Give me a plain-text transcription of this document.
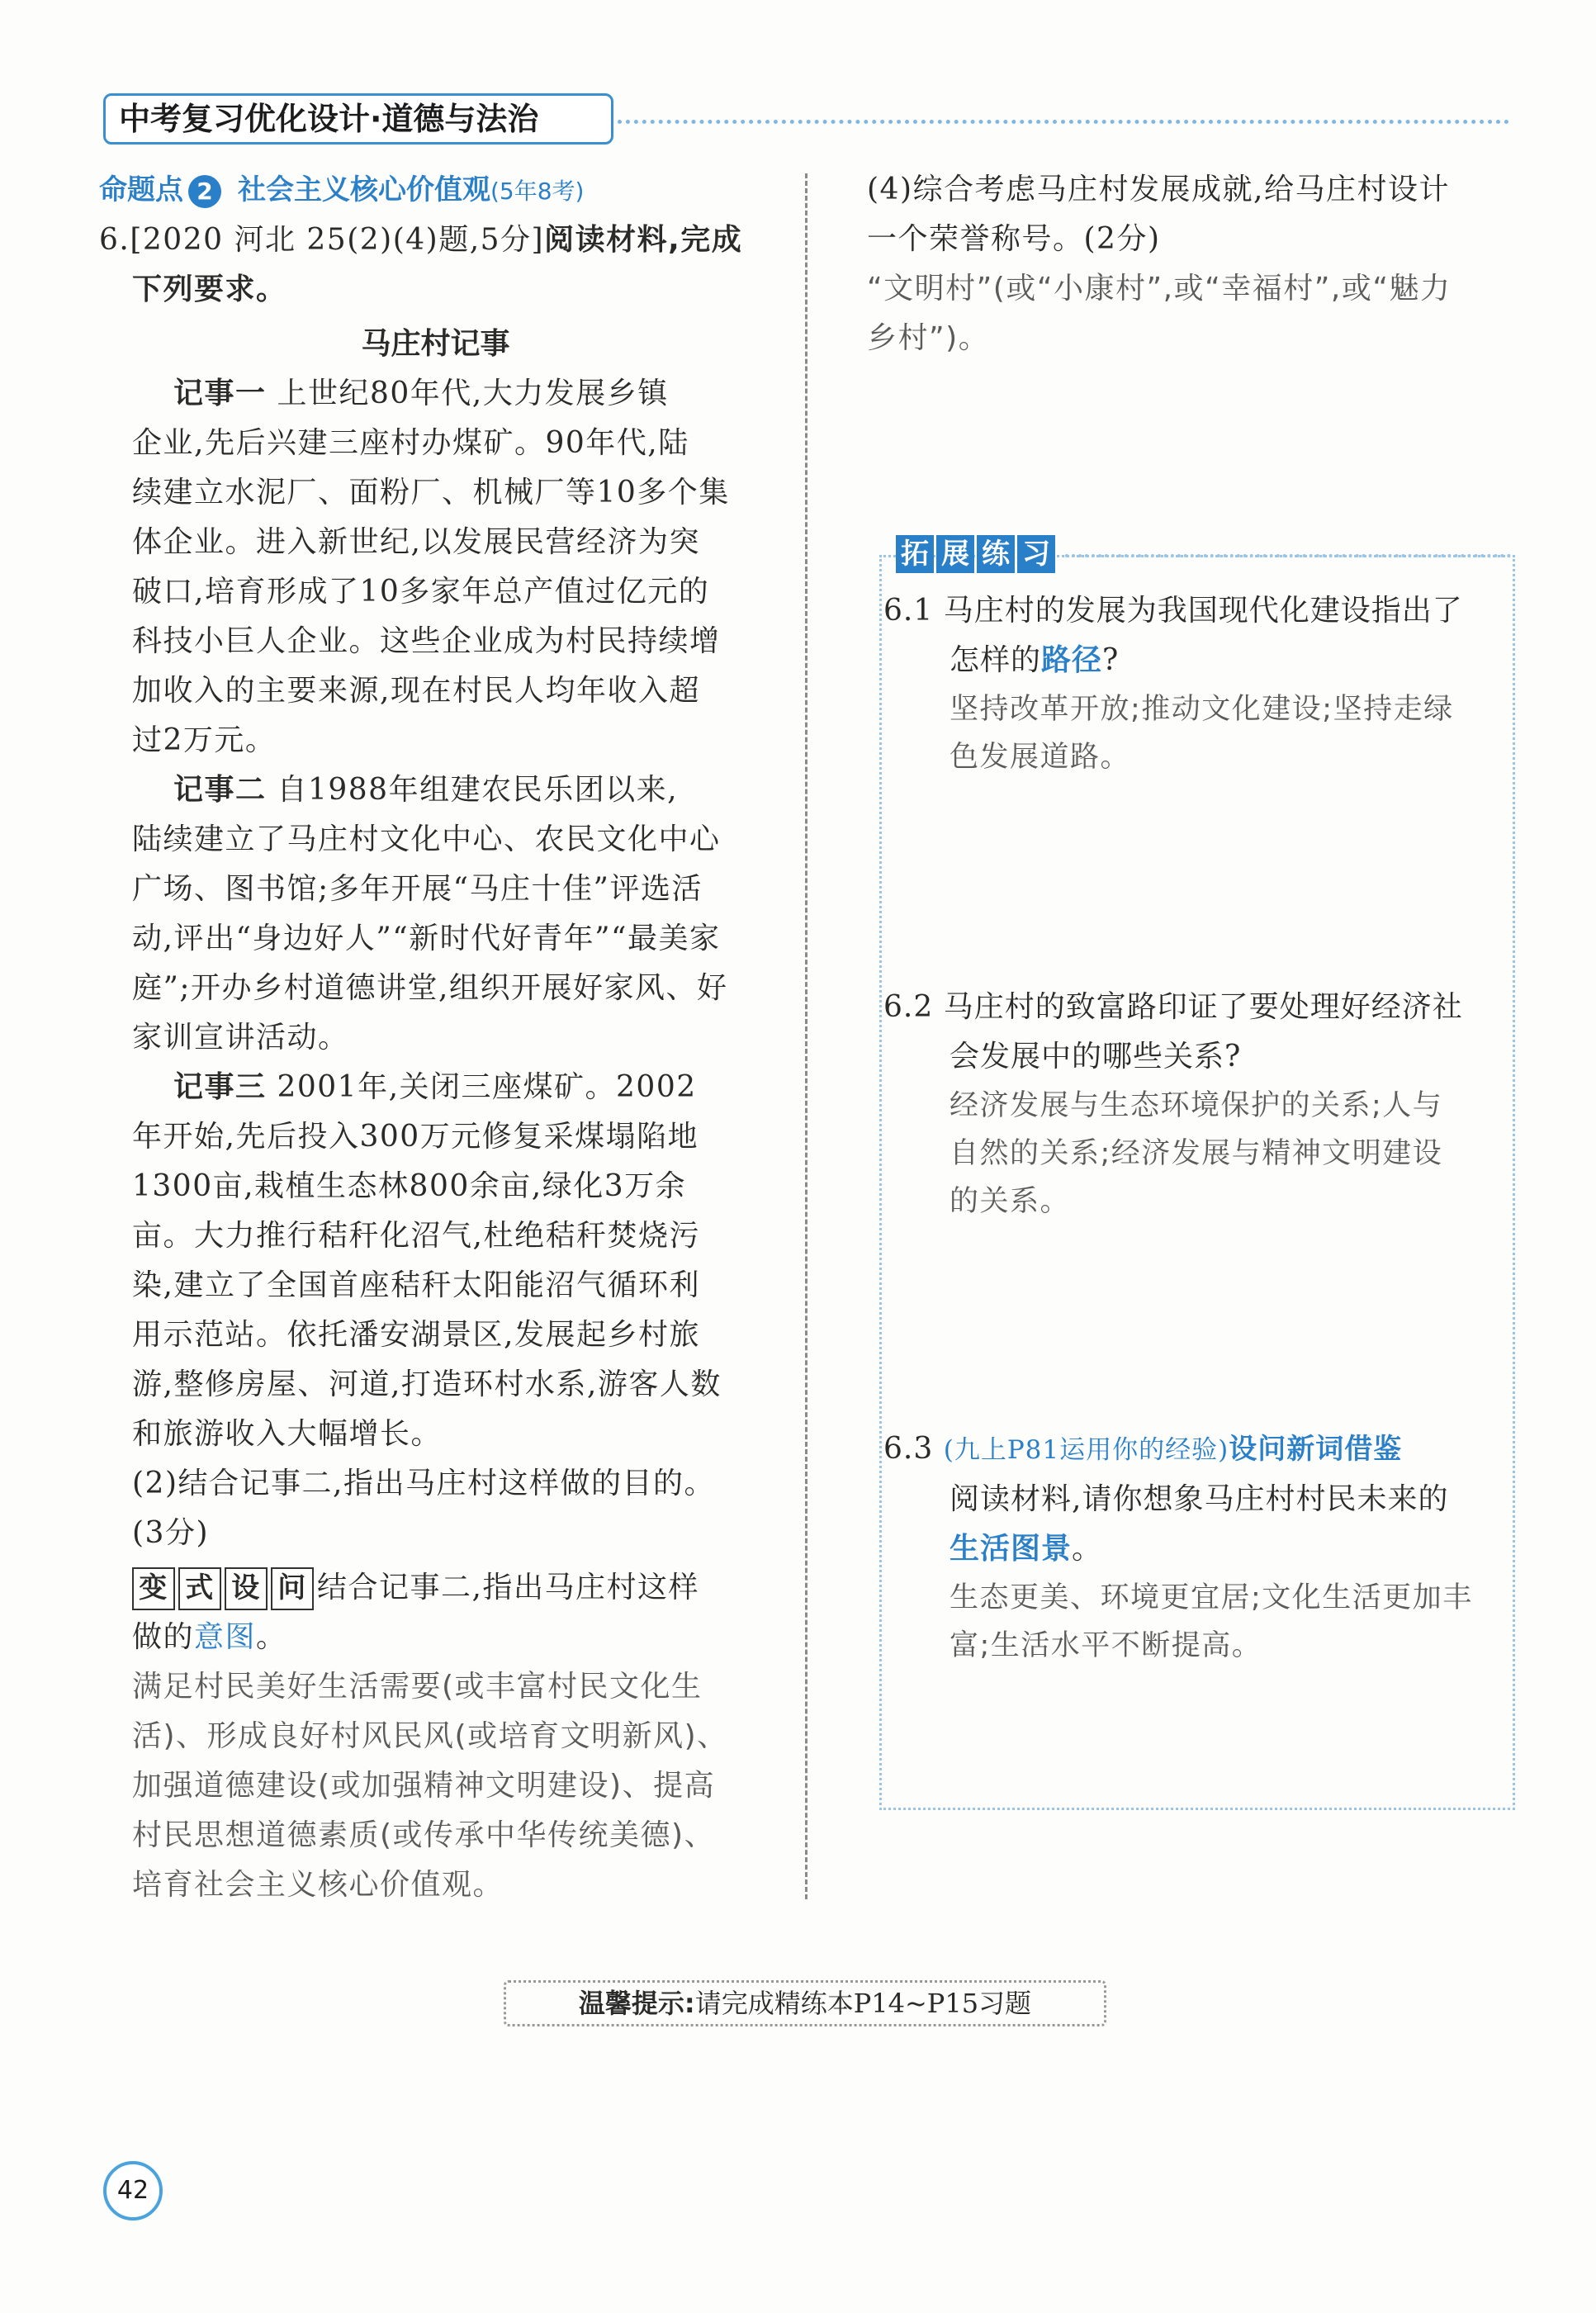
中考复习优化设计·道德与法治
命题点 2 社会主义核心价值观(5年8考)
6.[2020 河北 25(2)(4)题,5分]阅读材料,完成
下列要求。
马庄村记事
记事一 上世纪80年代,大力发展乡镇
企业,先后兴建三座村办煤矿。90年代,陆
续建立水泥厂、面粉厂、机械厂等10多个集
体企业。进入新世纪,以发展民营经济为突
破口,培育形成了10多家年总产值过亿元的
科技小巨人企业。这些企业成为村民持续增
加收入的主要来源,现在村民人均年收入超
过2万元。
记事二 自1988年组建农民乐团以来,
陆续建立了马庄村文化中心、农民文化中心
广场、图书馆;多年开展“马庄十佳”评选活
动,评出“身边好人”“新时代好青年”“最美家
庭”;开办乡村道德讲堂,组织开展好家风、好
家训宣讲活动。
记事三 2001年,关闭三座煤矿。2002
年开始,先后投入300万元修复采煤塌陷地
1300亩,栽植生态林800余亩,绿化3万余
亩。大力推行秸秆化沼气,杜绝秸秆焚烧污
染,建立了全国首座秸秆太阳能沼气循环利
用示范站。依托潘安湖景区,发展起乡村旅
游,整修房屋、河道,打造环村水系,游客人数
和旅游收入大幅增长。
(2)结合记事二,指出马庄村这样做的目的。
(3分)
变 式 设 问 结合记事二,指出马庄村这样
做的意图。
满足村民美好生活需要(或丰富村民文化生
活)、形成良好村风民风(或培育文明新风)、
加强道德建设(或加强精神文明建设)、提高
村民思想道德素质(或传承中华传统美德)、
培育社会主义核心价值观。
(4)综合考虑马庄村发展成就,给马庄村设计
一个荣誉称号。(2分)
“文明村”(或“小康村”,或“幸福村”,或“魅力
乡村”)。
拓 展 练 习
6.1 马庄村的发展为我国现代化建设指出了
怎样的路径?
坚持改革开放;推动文化建设;坚持走绿
色发展道路。
6.2 马庄村的致富路印证了要处理好经济社
会发展中的哪些关系?
经济发展与生态环境保护的关系;人与
自然的关系;经济发展与精神文明建设
的关系。
6.3 (九上P81运用你的经验)设问新词借鉴
阅读材料,请你想象马庄村村民未来的
生活图景。
生态更美、环境更宜居;文化生活更加丰
富;生活水平不断提高。
温馨提示:请完成精练本P14~P15习题
42
